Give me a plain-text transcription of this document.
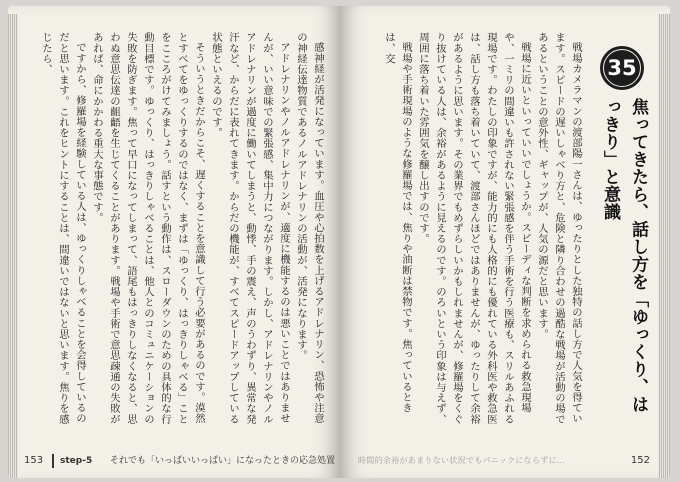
感神経が活発になっています。血圧や心拍数を上げるアドレナリン、恐怖や注意の神経伝達物質であるノルアドレナリンの活動が、活発になります。

アドレナリンやノルアドレナリンが、適度に機能するのは悪いことではありませんが、いい意味での緊張感、集中力につながります。しかし、アドレナリンやノルアドレナリンが過度に働いてしまうと、動悸、手の震え、声のうわずり、異常な発汗など、からだに表れてきます。からだの機能が、すべてスピードアップしている状態といえるのです。

そういうときだからこそ、遅くすることを意識して行う必要があるのです。漠然とすべてをゆっくりするのではなく、まずは「ゆっくり、はっきりしゃべる」ことをこころがけてみましょう。話すという動作は、スローダウンのための具体的な行動目標です。ゆっくり、はっきりしゃべることは、他人とのコミュニケーションの失敗を防ぎます。焦って早口になってしまって、語尾もはっきりしなくなると、思わぬ意思伝達の齟齬を生じてくることがあります。戦場や手術で意思疎通の失敗があれば、命にかかわる重大な事態です。

ですから、修羅場を経験している人は、ゆっくりしゃべることを会得しているのだと思います。これをヒントにすることは、間違いではないと思います。焦りを感じたら、

153 step-5 それでも「いっぱいいっぱい」になったときの応急処置
35
焦ってきたら、話し方を「ゆっくり、はっきり」と意識

戦場カメラマンの渡部陽一さんは、ゆったりとした独特の話し方で人気を得ています。スピードの遅いしゃべり方と、危険と隣り合わせの過酷な戦場が活動の場であるということの意外性、ギャップが、人気の源だと思います。

戦場に近いといっていいでしょうか。スピーディな判断を求められる救急現場や、一ミリの間違いも許されない緊張感を伴う手術を行う医療も、スリルあふれる現場です。わたしの印象ですが、能力的にも人格的にも優れている外科医や救急医は、話し方も落ち着いていて、渡部さんほどではありませんが、ゆったりして余裕があるように思います。その業界でもめずらしいかもしれませんが、修羅場をくぐり抜けている人は、余裕があるように見えるのです。のろいという印象は与えず、周囲に落ち着いた雰囲気を醸し出すのです。

戦場や手術現場のような修羅場では、焦りや油断は禁物です。焦っているときは、交

時間的余裕があまりない状況でもパニックにならずに…	152
